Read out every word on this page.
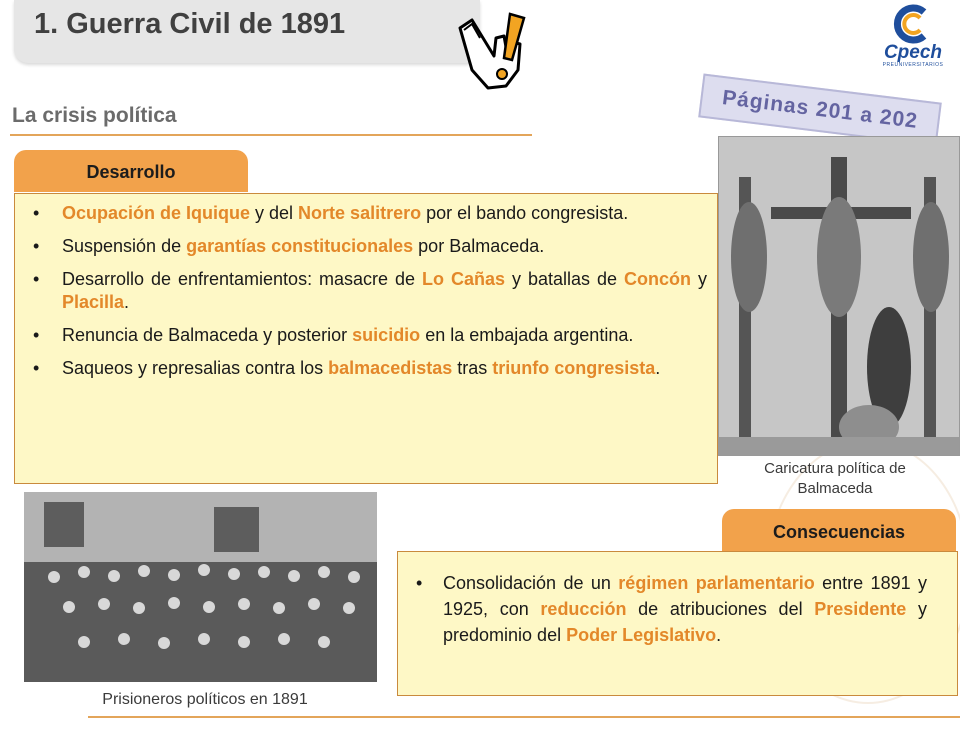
1. Guerra Civil de 1891
Cpech
PREUNIVERSITARIOS
La crisis política	Páginas 201 a 202
Desarrollo
• Ocupación de Iquique y del Norte salitrero por el bando congresista.
• Suspensión de garantías constitucionales por Balmaceda.
• Desarrollo de enfrentamientos: masacre de Lo Cañas y batallas de Concón y Placilla.
• Renuncia de Balmaceda y posterior suicidio en la embajada argentina.
• Saqueos y represalias contra los balmacedistas tras triunfo congresista.
Caricatura política de Balmaceda
Prisioneros políticos en 1891
Consecuencias
• Consolidación de un régimen parlamentario entre 1891 y 1925, con reducción de atribuciones del Presidente y predominio del Poder Legislativo.
